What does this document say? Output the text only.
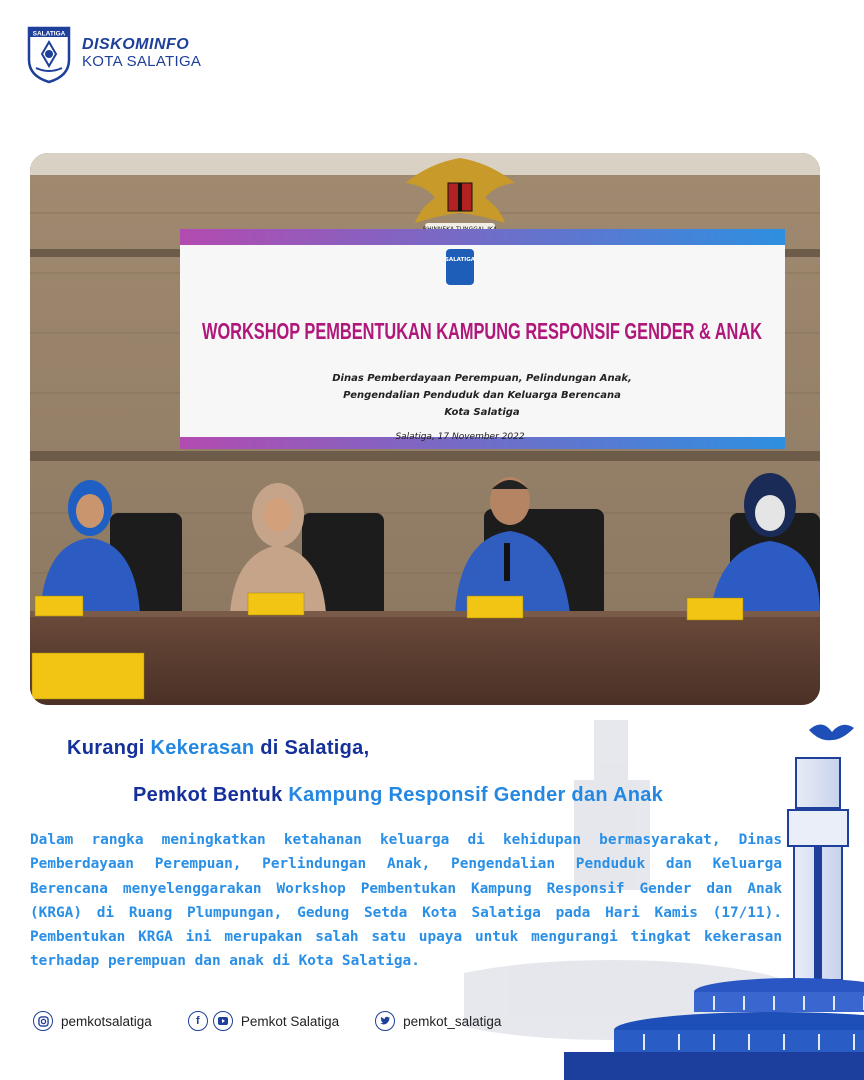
SALATIGA
DISKOMINFO
KOTA SALATIGA
SALATIGA
WORKSHOP PEMBENTUKAN KAMPUNG RESPONSIF GENDER & ANAK
Dinas Pemberdayaan Perempuan, Pelindungan Anak,
Pengendalian Penduduk dan Keluarga Berencana
Kota Salatiga
Salatiga, 17 November 2022
Kurangi Kekerasan di Salatiga,
Pemkot Bentuk Kampung Responsif Gender dan Anak
Dalam rangka meningkatkan ketahanan keluarga di kehidupan bermasyarakat, Dinas Pemberdayaan Perempuan, Perlindungan Anak, Pengendalian Penduduk dan Keluarga Berencana menyelenggarakan Workshop Pembentukan Kampung Responsif Gender dan Anak (KRGA) di Ruang Plumpungan, Gedung Setda Kota Salatiga pada Hari Kamis (17/11). Pembentukan KRGA ini merupakan salah satu upaya untuk mengurangi tingkat kekerasan terhadap perempuan dan anak di Kota Salatiga.
pemkotsalatiga	f	Pemkot Salatiga	pemkot_salatiga
